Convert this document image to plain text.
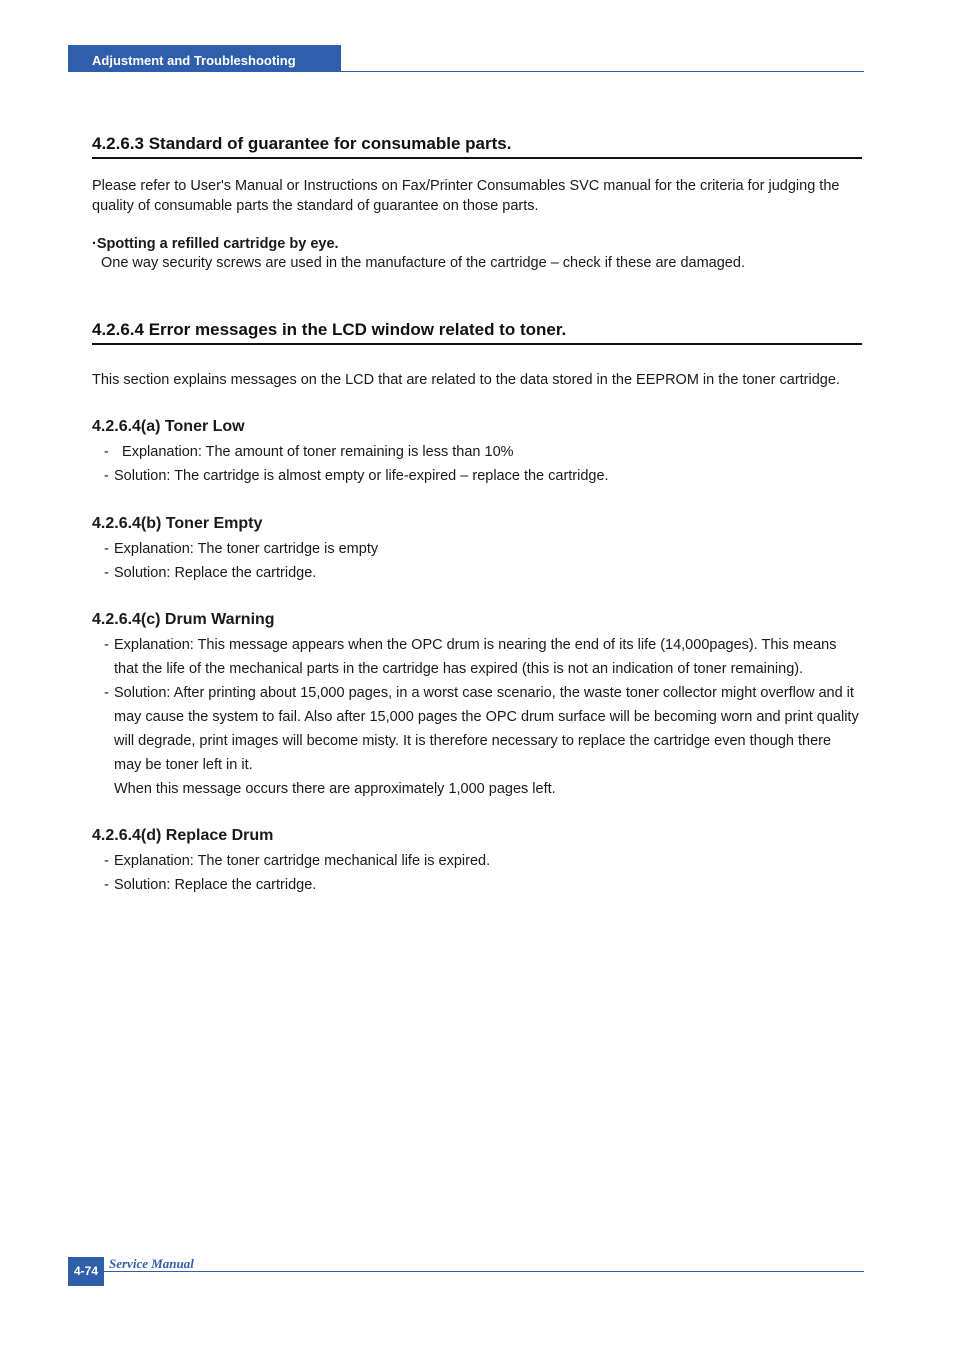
Adjustment and Troubleshooting
4.2.6.3 Standard of guarantee for consumable parts.

Please refer to User's Manual or Instructions on Fax/Printer Consumables SVC manual for the criteria for judging the quality of consumable parts the standard of guarantee on those parts.

·Spotting a refilled cartridge by eye.
One way security screws are used in the manufacture of the cartridge – check if these are damaged.
4.2.6.4 Error messages in the LCD window related to toner.

This section explains messages on the LCD that are related to the data stored in the EEPROM in the toner cartridge.

4.2.6.4(a) Toner Low
- Explanation: The amount of toner remaining is less than 10%
- Solution: The cartridge is almost empty or life-expired – replace the cartridge.
4.2.6.4(b) Toner Empty
- Explanation: The toner cartridge is empty
- Solution: Replace the cartridge.
4.2.6.4(c) Drum Warning
- Explanation: This message appears when the OPC drum is nearing the end of its life (14,000pages). This means that the life of the mechanical parts in the cartridge has expired (this is not an indication of toner remaining).
- Solution: After printing about 15,000 pages, in a worst case scenario, the waste toner collector might overflow and it may cause the system to fail. Also after 15,000 pages the OPC drum surface will be becoming worn and print quality will degrade, print images will become misty. It is therefore necessary to replace the cartridge even though there may be toner left in it.
When this message occurs there are approximately 1,000 pages left.
4.2.6.4(d) Replace Drum
- Explanation: The toner cartridge mechanical life is expired.
- Solution: Replace the cartridge.
4-74 Service Manual
